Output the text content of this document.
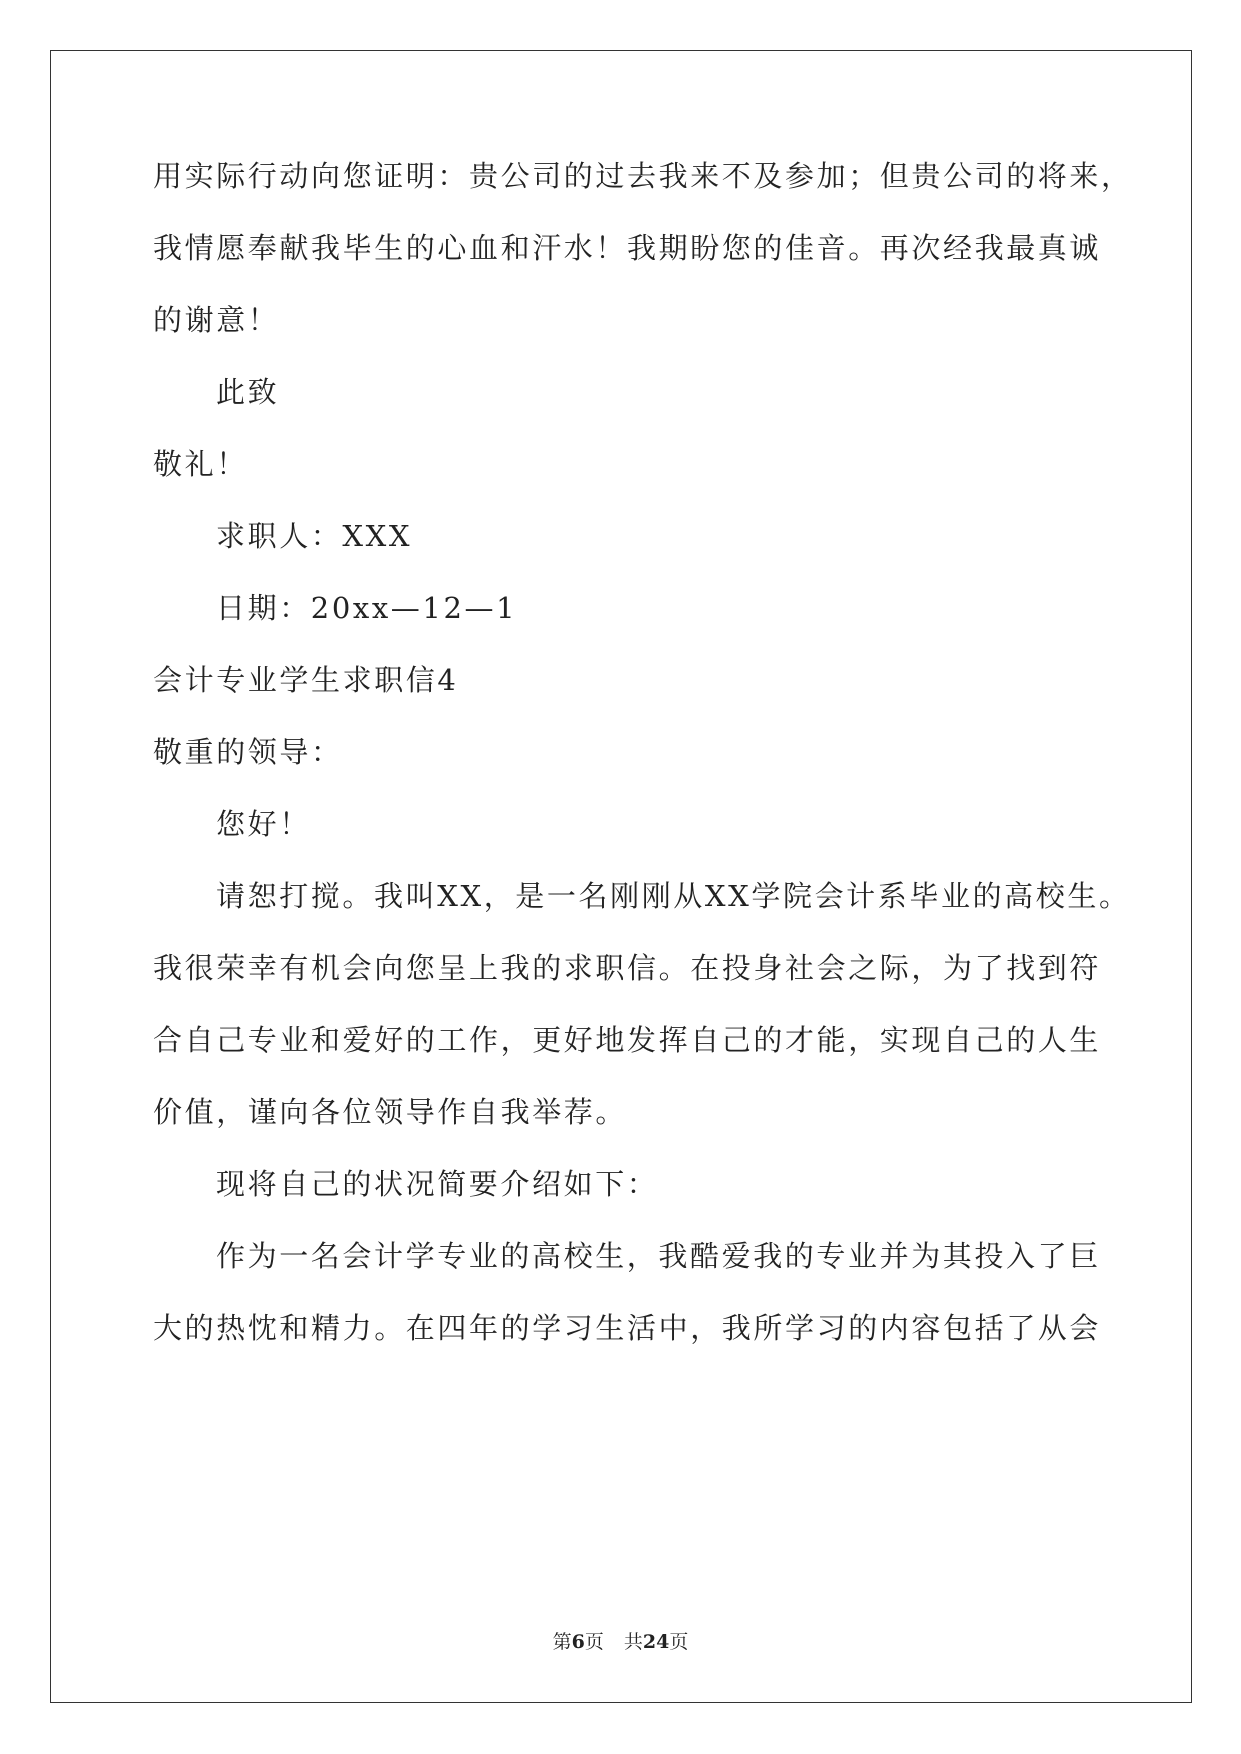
用实际行动向您证明：贵公司的过去我来不及参加；但贵公司的将来，
我情愿奉献我毕生的心血和汗水！我期盼您的佳音。再次经我最真诚
的谢意！
此致
敬礼！
求职人：XXX
日期：20xx—12—1
会计专业学生求职信4
敬重的领导：
您好！
请恕打搅。我叫XX，是一名刚刚从XX学院会计系毕业的高校生。
我很荣幸有机会向您呈上我的求职信。在投身社会之际，为了找到符
合自己专业和爱好的工作，更好地发挥自己的才能，实现自己的人生
价值，谨向各位领导作自我举荐。
现将自己的状况简要介绍如下：
作为一名会计学专业的高校生，我酷爱我的专业并为其投入了巨
大的热忱和精力。在四年的学习生活中，我所学习的内容包括了从会
第6页 共24页
